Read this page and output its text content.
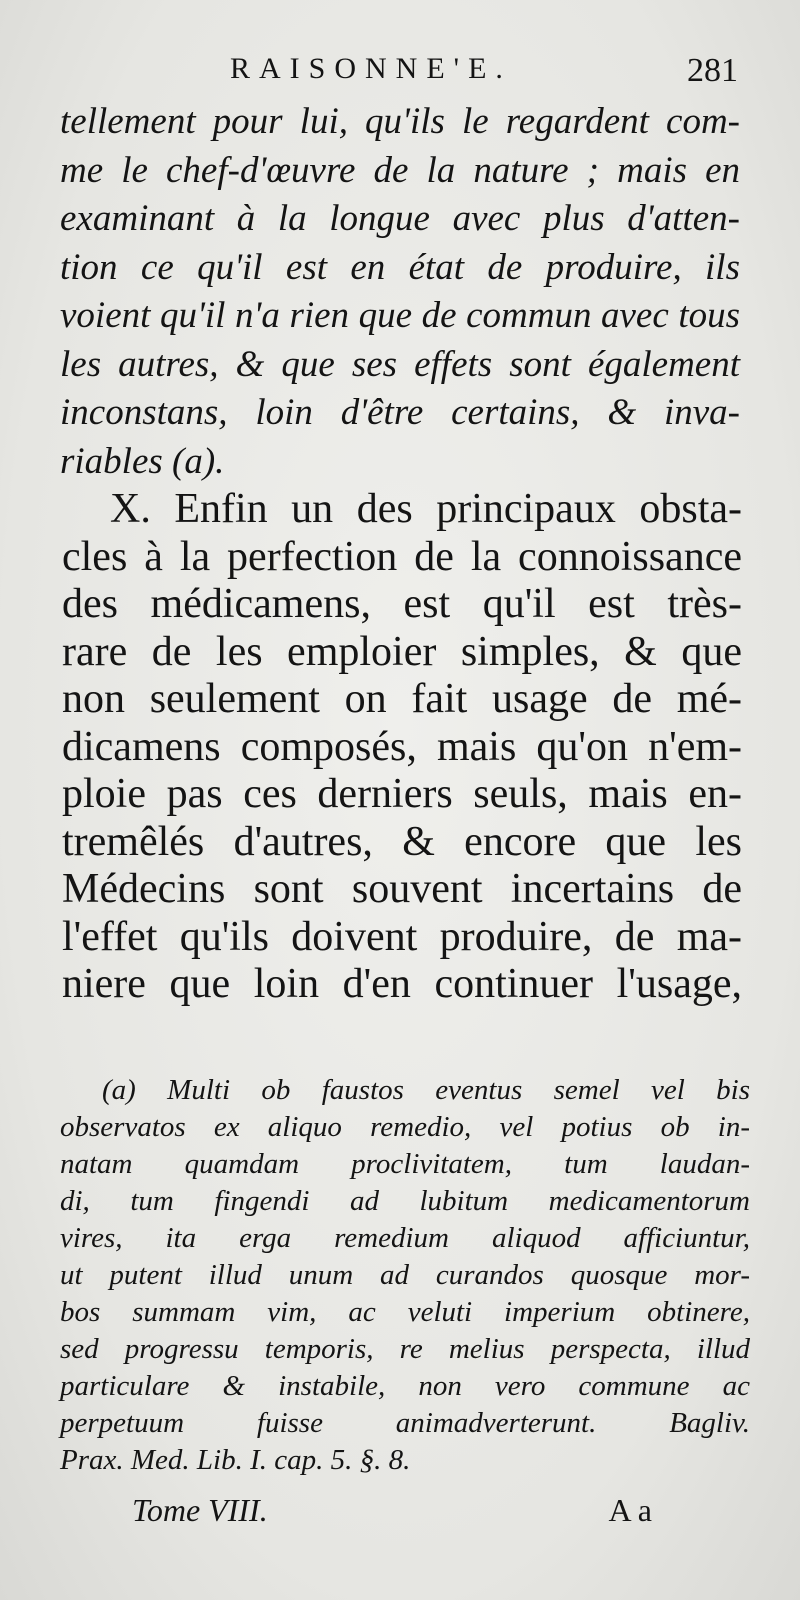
RAISONNE'E.	281
tellement pour lui, qu'ils le regardent com-
me le chef-d'œuvre de la nature ; mais en
examinant à la longue avec plus d'atten-
tion ce qu'il est en état de produire, ils
voient qu'il n'a rien que de commun avec tous
les autres, & que ses effets sont également
inconstans, loin d'être certains, & inva-
riables (a).
X. Enfin un des principaux obsta-
cles à la perfection de la connoissance
des médicamens, est qu'il est très-
rare de les emploier simples, & que
non seulement on fait usage de mé-
dicamens composés, mais qu'on n'em-
ploie pas ces derniers seuls, mais en-
tremêlés d'autres, & encore que les
Médecins sont souvent incertains de
l'effet qu'ils doivent produire, de ma-
niere que loin d'en continuer l'usage,
(a) Multi ob faustos eventus semel vel bis
observatos ex aliquo remedio, vel potius ob in-
natam quamdam proclivitatem, tum laudan-
di, tum fingendi ad lubitum medicamentorum
vires, ita erga remedium aliquod afficiuntur,
ut putent illud unum ad curandos quosque mor-
bos summam vim, ac veluti imperium obtinere,
sed progressu temporis, re melius perspecta, illud
particulare & instabile, non vero commune ac
perpetuum fuisse animadverterunt. Bagliv.
Prax. Med. Lib. I. cap. 5. §. 8.
Tome VIII.	A a
